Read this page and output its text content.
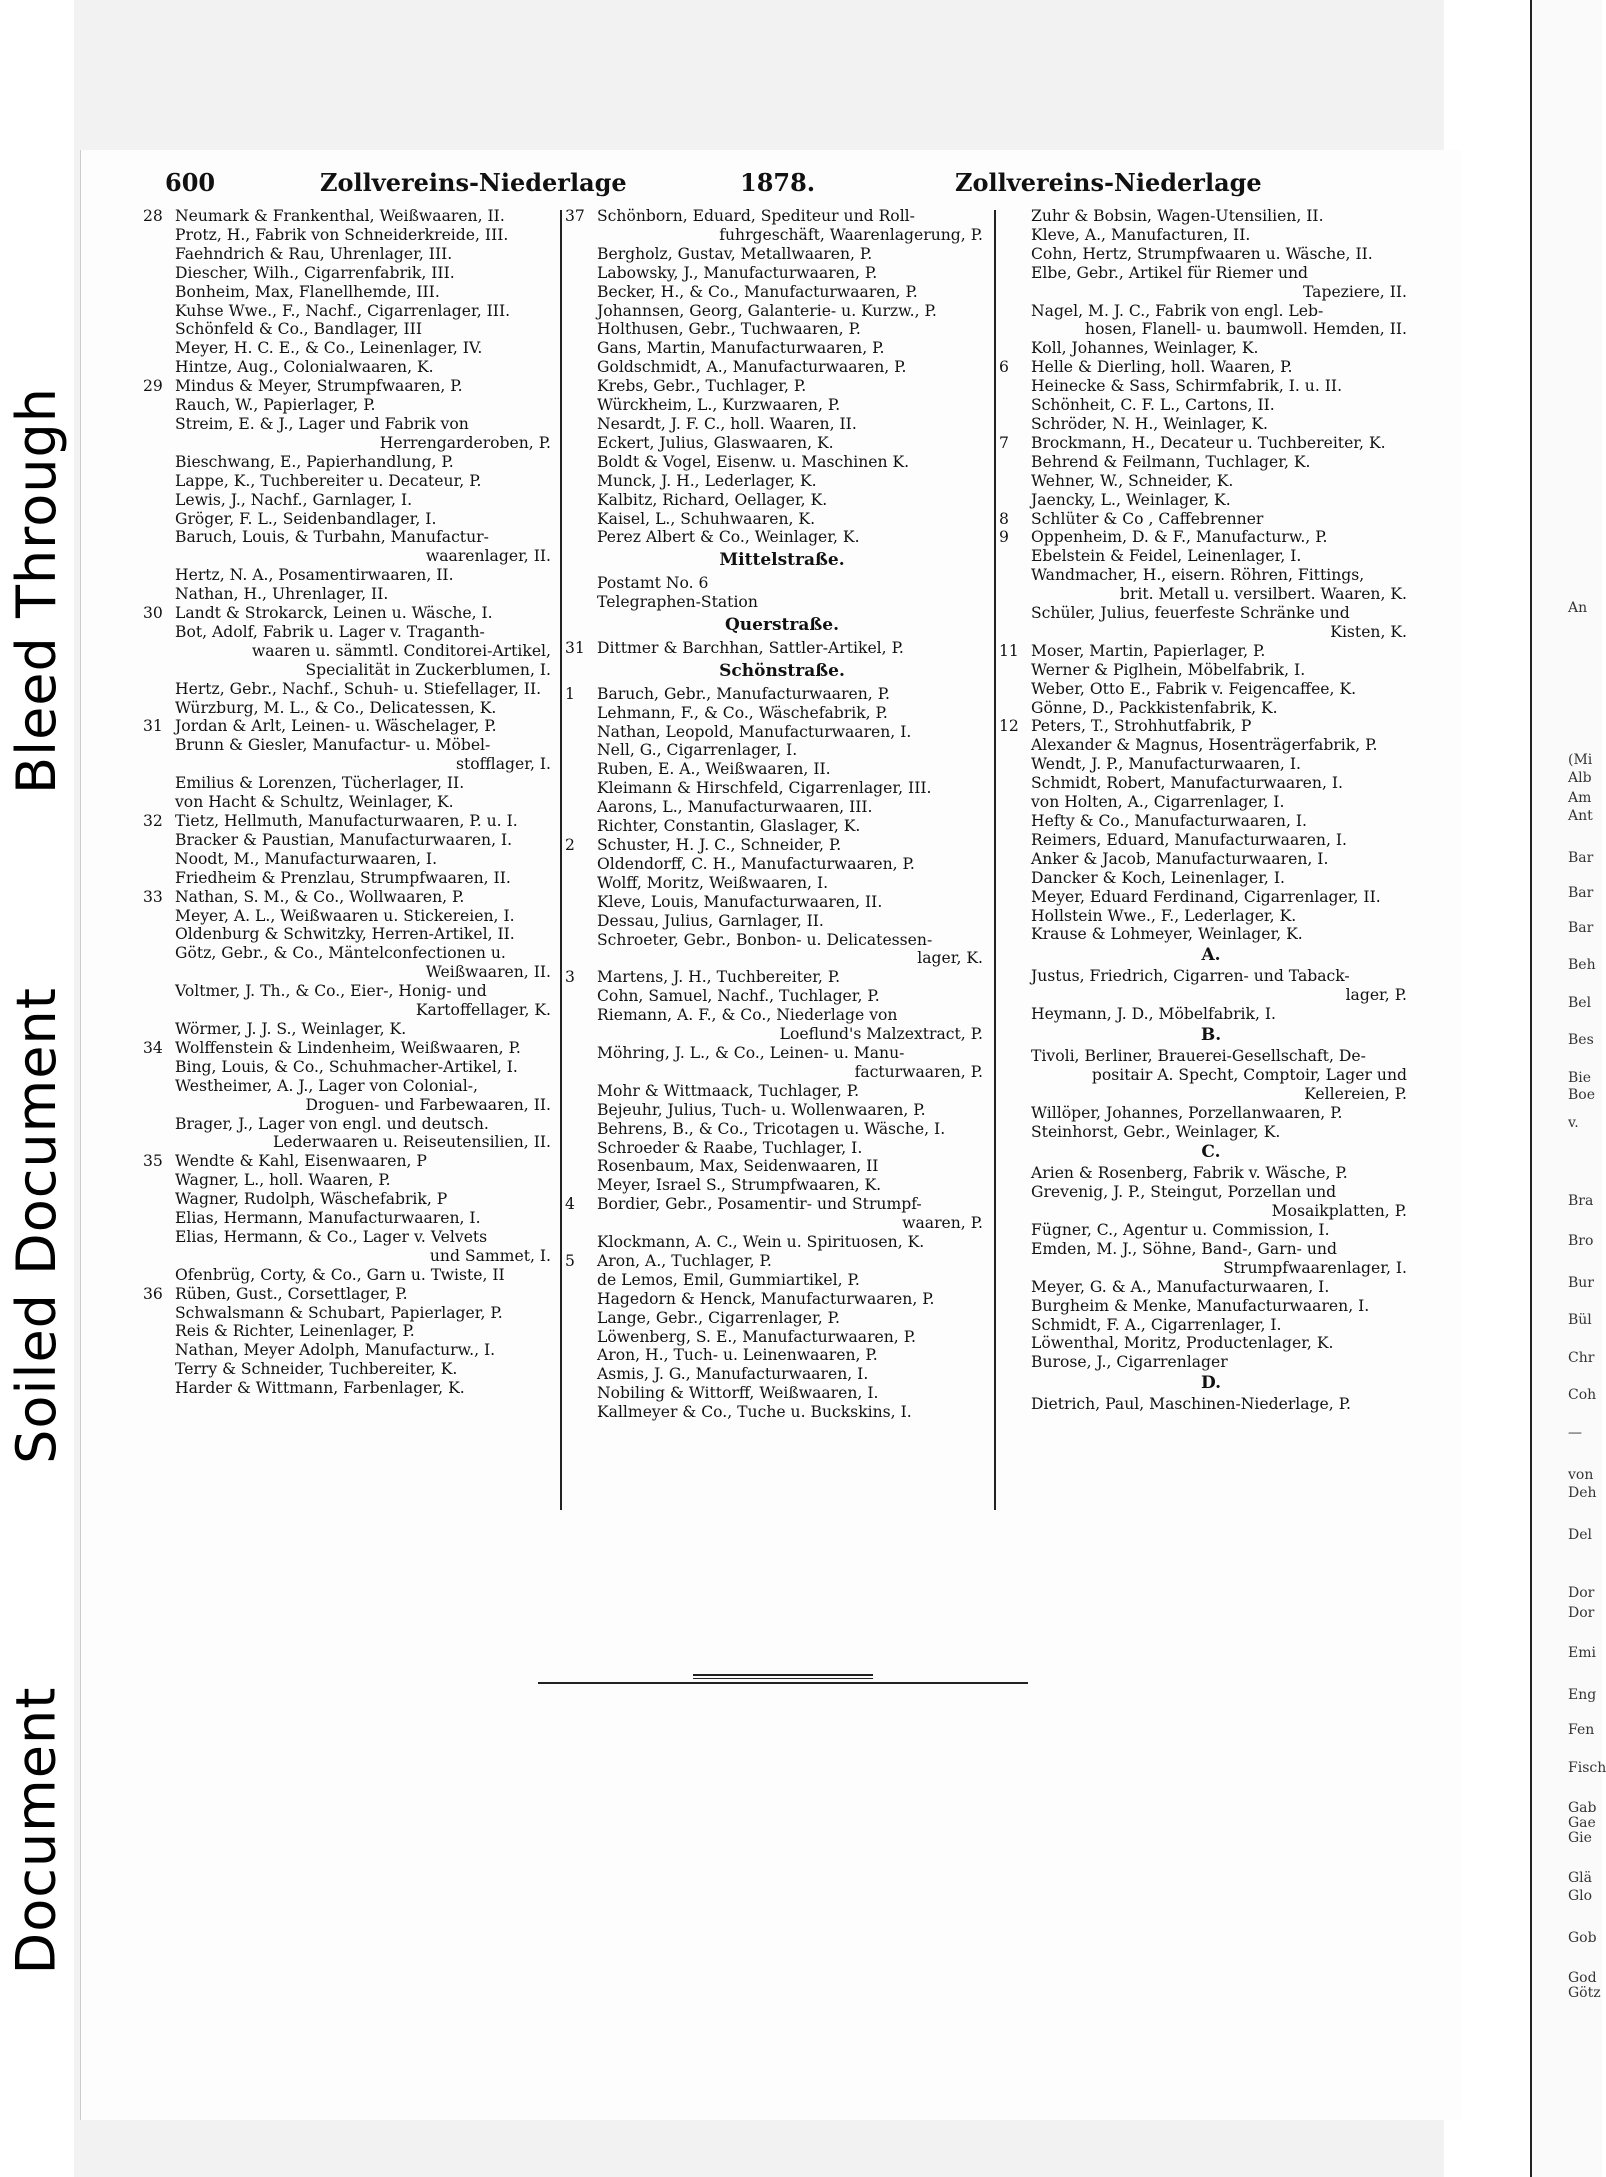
Bleed Through
Soiled Document
Document
600	Zollvereins-Niederlage	1878.	Zollvereins-Niederlage
28 Neumark & Frankenthal, Weißwaaren, II.
Protz, H., Fabrik von Schneiderkreide, III.
Faehndrich & Rau, Uhrenlager, III.
Diescher, Wilh., Cigarrenfabrik, III.
Bonheim, Max, Flanellhemde, III.
Kuhse Wwe., F., Nachf., Cigarrenlager, III.
Schönfeld & Co., Bandlager, III
Meyer, H. C. E., & Co., Leinenlager, IV.
Hintze, Aug., Colonialwaaren, K.
29 Mindus & Meyer, Strumpfwaaren, P.
Rauch, W., Papierlager, P.
Streim, E. & J., Lager und Fabrik von
Herrengarderoben, P.
Bieschwang, E., Papierhandlung, P.
Lappe, K., Tuchbereiter u. Decateur, P.
Lewis, J., Nachf., Garnlager, I.
Gröger, F. L., Seidenbandlager, I.
Baruch, Louis, & Turbahn, Manufactur-
waarenlager, II.
Hertz, N. A., Posamentirwaaren, II.
Nathan, H., Uhrenlager, II.
30 Landt & Strokarck, Leinen u. Wäsche, I.
Bot, Adolf, Fabrik u. Lager v. Traganth-
waaren u. sämmtl. Conditorei-Artikel,
Specialität in Zuckerblumen, I.
Hertz, Gebr., Nachf., Schuh- u. Stiefellager, II.
Würzburg, M. L., & Co., Delicatessen, K.
31 Jordan & Arlt, Leinen- u. Wäschelager, P.
Brunn & Giesler, Manufactur- u. Möbel-
stofflager, I.
Emilius & Lorenzen, Tücherlager, II.
von Hacht & Schultz, Weinlager, K.
32 Tietz, Hellmuth, Manufacturwaaren, P. u. I.
Bracker & Paustian, Manufacturwaaren, I.
Noodt, M., Manufacturwaaren, I.
Friedheim & Prenzlau, Strumpfwaaren, II.
33 Nathan, S. M., & Co., Wollwaaren, P.
Meyer, A. L., Weißwaaren u. Stickereien, I.
Oldenburg & Schwitzky, Herren-Artikel, II.
Götz, Gebr., & Co., Mäntelconfectionen u.
Weißwaaren, II.
Voltmer, J. Th., & Co., Eier-, Honig- und
Kartoffellager, K.
Wörmer, J. J. S., Weinlager, K.
34 Wolffenstein & Lindenheim, Weißwaaren, P.
Bing, Louis, & Co., Schuhmacher-Artikel, I.
Westheimer, A. J., Lager von Colonial-,
Droguen- und Farbewaaren, II.
Brager, J., Lager von engl. und deutsch.
Lederwaaren u. Reiseutensilien, II.
35 Wendte & Kahl, Eisenwaaren, P
Wagner, L., holl. Waaren, P.
Wagner, Rudolph, Wäschefabrik, P
Elias, Hermann, Manufacturwaaren, I.
Elias, Hermann, & Co., Lager v. Velvets
und Sammet, I.
Ofenbrüg, Corty, & Co., Garn u. Twiste, II
36 Rüben, Gust., Corsettlager, P.
Schwalsmann & Schubart, Papierlager, P.
Reis & Richter, Leinenlager, P.
Nathan, Meyer Adolph, Manufacturw., I.
Terry & Schneider, Tuchbereiter, K.
Harder & Wittmann, Farbenlager, K.
37 Schönborn, Eduard, Spediteur und Roll-
fuhrgeschäft, Waarenlagerung, P.
Bergholz, Gustav, Metallwaaren, P.
Labowsky, J., Manufacturwaaren, P.
Becker, H., & Co., Manufacturwaaren, P.
Johannsen, Georg, Galanterie- u. Kurzw., P.
Holthusen, Gebr., Tuchwaaren, P.
Gans, Martin, Manufacturwaaren, P.
Goldschmidt, A., Manufacturwaaren, P.
Krebs, Gebr., Tuchlager, P.
Würckheim, L., Kurzwaaren, P.
Nesardt, J. F. C., holl. Waaren, II.
Eckert, Julius, Glaswaaren, K.
Boldt & Vogel, Eisenw. u. Maschinen K.
Munck, J. H., Lederlager, K.
Kalbitz, Richard, Oellager, K.
Kaisel, L., Schuhwaaren, K.
Perez Albert & Co., Weinlager, K.
Mittelstraße.
Postamt No. 6
Telegraphen-Station
Querstraße.
31 Dittmer & Barchhan, Sattler-Artikel, P.
Schönstraße.
1	Baruch, Gebr., Manufacturwaaren, P.
Lehmann, F., & Co., Wäschefabrik, P.
Nathan, Leopold, Manufacturwaaren, I.
Nell, G., Cigarrenlager, I.
Ruben, E. A., Weißwaaren, II.
Kleimann & Hirschfeld, Cigarrenlager, III.
Aarons, L., Manufacturwaaren, III.
Richter, Constantin, Glaslager, K.
2	Schuster, H. J. C., Schneider, P.
Oldendorff, C. H., Manufacturwaaren, P.
Wolff, Moritz, Weißwaaren, I.
Kleve, Louis, Manufacturwaaren, II.
Dessau, Julius, Garnlager, II.
Schroeter, Gebr., Bonbon- u. Delicatessen-
lager, K.
3	Martens, J. H., Tuchbereiter, P.
Cohn, Samuel, Nachf., Tuchlager, P.
Riemann, A. F., & Co., Niederlage von
Loeflund's Malzextract, P.
Möhring, J. L., & Co., Leinen- u. Manu-
facturwaaren, P.
Mohr & Wittmaack, Tuchlager, P.
Bejeuhr, Julius, Tuch- u. Wollenwaaren, P.
Behrens, B., & Co., Tricotagen u. Wäsche, I.
Schroeder & Raabe, Tuchlager, I.
Rosenbaum, Max, Seidenwaaren, II
Meyer, Israel S., Strumpfwaaren, K.
4	Bordier, Gebr., Posamentir- und Strumpf-
waaren, P.
Klockmann, A. C., Wein u. Spirituosen, K.
5	Aron, A., Tuchlager, P.
de Lemos, Emil, Gummiartikel, P.
Hagedorn & Henck, Manufacturwaaren, P.
Lange, Gebr., Cigarrenlager, P.
Löwenberg, S. E., Manufacturwaaren, P.
Aron, H., Tuch- u. Leinenwaaren, P.
Asmis, J. G., Manufacturwaaren, I.
Nobiling & Wittorff, Weißwaaren, I.
Kallmeyer & Co., Tuche u. Buckskins, I.
Zuhr & Bobsin, Wagen-Utensilien, II.
Kleve, A., Manufacturen, II.
Cohn, Hertz, Strumpfwaaren u. Wäsche, II.
Elbe, Gebr., Artikel für Riemer und
Tapeziere, II.
Nagel, M. J. C., Fabrik von engl. Leb-
hosen, Flanell- u. baumwoll. Hemden, II.
Koll, Johannes, Weinlager, K.
6	Helle & Dierling, holl. Waaren, P.
Heinecke & Sass, Schirmfabrik, I. u. II.
Schönheit, C. F. L., Cartons, II.
Schröder, N. H., Weinlager, K.
7	Brockmann, H., Decateur u. Tuchbereiter, K.
Behrend & Feilmann, Tuchlager, K.
Wehner, W., Schneider, K.
Jaencky, L., Weinlager, K.
8	Schlüter & Co , Caffebrenner
9	Oppenheim, D. & F., Manufacturw., P.
Ebelstein & Feidel, Leinenlager, I.
Wandmacher, H., eisern. Röhren, Fittings,
brit. Metall u. versilbert. Waaren, K.
Schüler, Julius, feuerfeste Schränke und
Kisten, K.
11 Moser, Martin, Papierlager, P.
Werner & Piglhein, Möbelfabrik, I.
Weber, Otto E., Fabrik v. Feigencaffee, K.
Gönne, D., Packkistenfabrik, K.
12 Peters, T., Strohhutfabrik, P
Alexander & Magnus, Hosenträgerfabrik, P.
Wendt, J. P., Manufacturwaaren, I.
Schmidt, Robert, Manufacturwaaren, I.
von Holten, A., Cigarrenlager, I.
Hefty & Co., Manufacturwaaren, I.
Reimers, Eduard, Manufacturwaaren, I.
Anker & Jacob, Manufacturwaaren, I.
Dancker & Koch, Leinenlager, I.
Meyer, Eduard Ferdinand, Cigarrenlager, II.
Hollstein Wwe., F., Lederlager, K.
Krause & Lohmeyer, Weinlager, K.
A.
Justus, Friedrich, Cigarren- und Taback-
lager, P.
Heymann, J. D., Möbelfabrik, I.
B.
Tivoli, Berliner, Brauerei-Gesellschaft, De-
positair A. Specht, Comptoir, Lager und
Kellereien, P.
Willöper, Johannes, Porzellanwaaren, P.
Steinhorst, Gebr., Weinlager, K.
C.
Arien & Rosenberg, Fabrik v. Wäsche, P.
Grevenig, J. P., Steingut, Porzellan und
Mosaikplatten, P.
Fügner, C., Agentur u. Commission, I.
Emden, M. J., Söhne, Band-, Garn- und
Strumpfwaarenlager, I.
Meyer, G. & A., Manufacturwaaren, I.
Burgheim & Menke, Manufacturwaaren, I.
Schmidt, F. A., Cigarrenlager, I.
Löwenthal, Moritz, Productenlager, K.
Burose, J., Cigarrenlager
D.
Dietrich, Paul, Maschinen-Niederlage, P.
An
(Mi
Alb
Am
Ant
Bar
Bar
Bar
Beh
Bel
Bes
Bie
Boe
v.
Bra
Bro
Bur
Bül
Chr
Coh
—
von
Deh
Del
Dor
Dor
Emi
Eng
Fen
Fisch
Gab
Gae
Gie
Glä
Glo
Gob
God
Götz
